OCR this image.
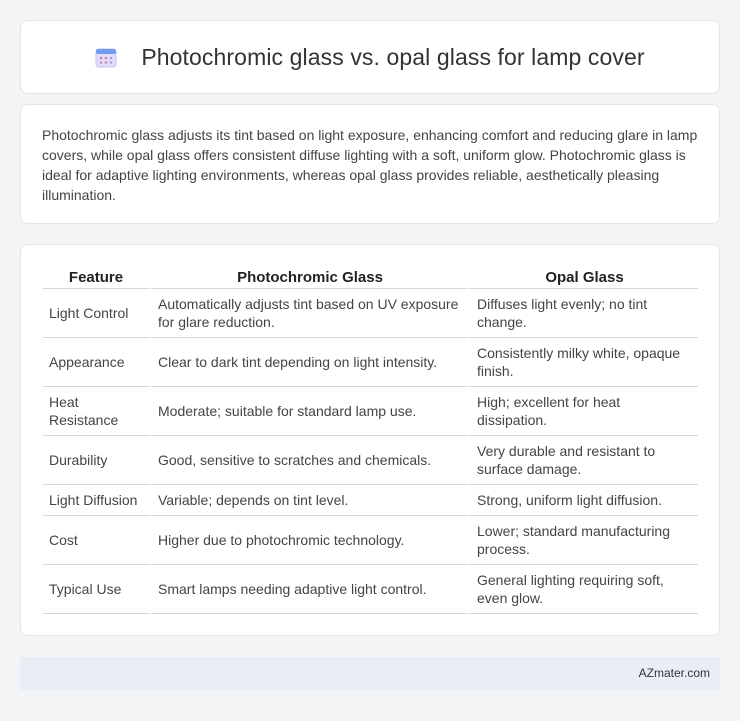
Photochromic glass vs. opal glass for lamp cover

Photochromic glass adjusts its tint based on light exposure, enhancing comfort and reducing glare in lamp covers, while opal glass offers consistent diffuse lighting with a soft, uniform glow. Photochromic glass is ideal for adaptive lighting environments, whereas opal glass provides reliable, aesthetically pleasing illumination.

Feature	Photochromic Glass	Opal Glass
Light Control	Automatically adjusts tint based on UV exposure for glare reduction.	Diffuses light evenly; no tint change.
Appearance	Clear to dark tint depending on light intensity.	Consistently milky white, opaque finish.
Heat Resistance	Moderate; suitable for standard lamp use.	High; excellent for heat dissipation.
Durability	Good, sensitive to scratches and chemicals.	Very durable and resistant to surface damage.
Light Diffusion	Variable; depends on tint level.	Strong, uniform light diffusion.
Cost	Higher due to photochromic technology.	Lower; standard manufacturing process.
Typical Use	Smart lamps needing adaptive light control.	General lighting requiring soft, even glow.
AZmater.com
